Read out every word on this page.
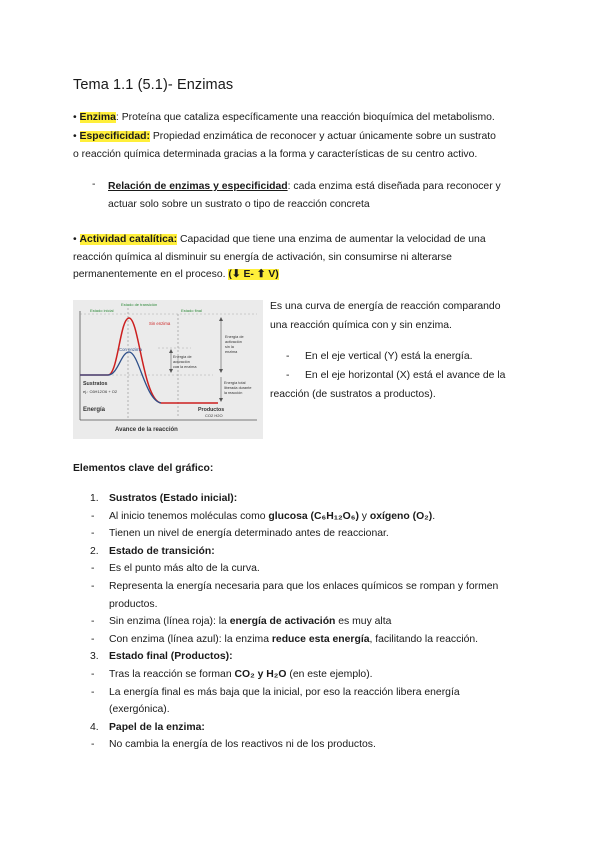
Tema 1.1 (5.1)- Enzimas
• Enzima: Proteína que cataliza específicamente una reacción bioquímica del metabolismo.
• Especificidad: Propiedad enzimática de reconocer y actuar únicamente sobre un sustrato
o reacción química determinada gracias a la forma y características de su centro activo.
- Relación de enzimas y especificidad: cada enzima está diseñada para reconocer y
actuar solo sobre un sustrato o tipo de reacción concreta
• Actividad catalítica: Capacidad que tiene una enzima de aumentar la velocidad de una
reacción química al disminuir su energía de activación, sin consumirse ni alterarse
permanentemente en el proceso. (⬇ E- ⬆ V)
Estado de transición
Estado inicial	Estado final
Sin enzima
Con enzima
Energía de
activación
sin la
enzima
Energía de
activación
con la enzima
Energía total
liberada durante
la reacción
Sustratos
ej.: C6H12O6 + O2
Energía	Productos
CO2 H2O
Avance de la reacción
Es una curva de energía de reacción comparando
una reacción química con y sin enzima.
- En el eje vertical (Y) está la energía.
- En el eje horizontal (X) está el avance de la
reacción (de sustratos a productos).
Elementos clave del gráfico:
1. Sustratos (Estado inicial):
- Al inicio tenemos moléculas como glucosa (C₆H₁₂O₆) y oxígeno (O₂).
- Tienen un nivel de energía determinado antes de reaccionar.
2. Estado de transición:
- Es el punto más alto de la curva.
- Representa la energía necesaria para que los enlaces químicos se rompan y formen
productos.
- Sin enzima (línea roja): la energía de activación es muy alta
- Con enzima (línea azul): la enzima reduce esta energía, facilitando la reacción.
3. Estado final (Productos):
- Tras la reacción se forman CO₂ y H₂O (en este ejemplo).
- La energía final es más baja que la inicial, por eso la reacción libera energía
(exergónica).
4. Papel de la enzima:
- No cambia la energía de los reactivos ni de los productos.
